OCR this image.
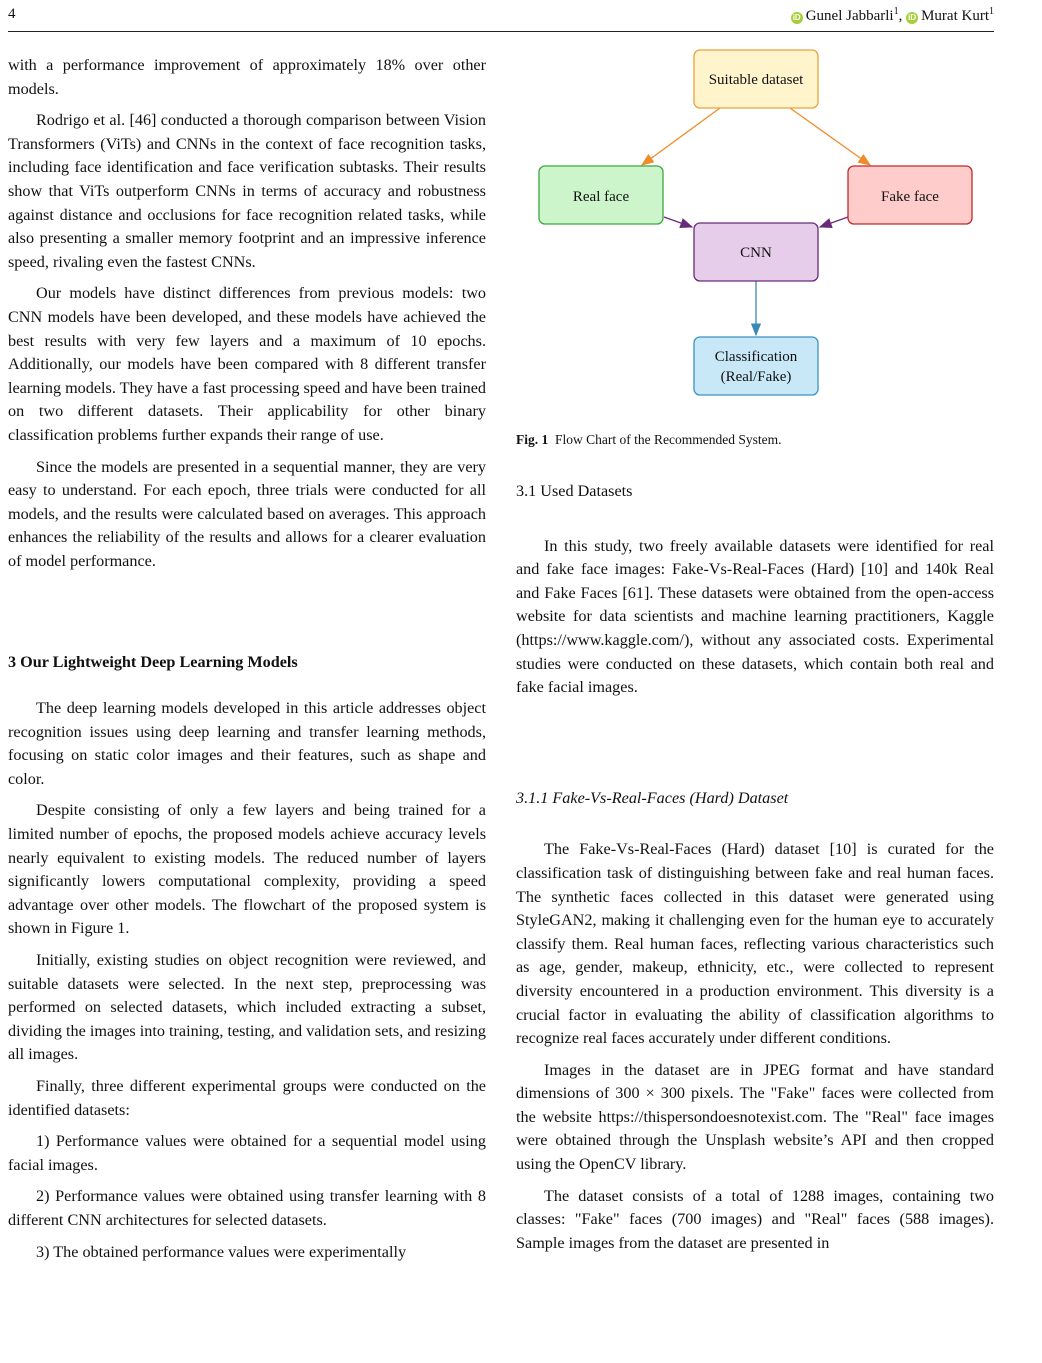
4	iD Gunel Jabbarli$^1$, iD Murat Kurt$^1$

with a performance improvement of approximately 18% over other models.

Rodrigo et al. [46] conducted a thorough comparison between Vision Transformers (ViTs) and CNNs in the context of face recognition tasks, including face identification and face verification subtasks. Their results show that ViTs outperform CNNs in terms of accuracy and robustness against distance and occlusions for face recognition related tasks, while also presenting a smaller memory footprint and an impressive inference speed, rivaling even the fastest CNNs.

Our models have distinct differences from previous models: two CNN models have been developed, and these models have achieved the best results with very few layers and a maximum of 10 epochs. Additionally, our models have been compared with 8 different transfer learning models. They have a fast processing speed and have been trained on two different datasets. Their applicability for other binary classification problems further expands their range of use.

Since the models are presented in a sequential manner, they are very easy to understand. For each epoch, three trials were conducted for all models, and the results were calculated based on averages. This approach enhances the reliability of the results and allows for a clearer evaluation of model performance.

3 Our Lightweight Deep Learning Models

The deep learning models developed in this article addresses object recognition issues using deep learning and transfer learning methods, focusing on static color images and their features, such as shape and color.

Despite consisting of only a few layers and being trained for a limited number of epochs, the proposed models achieve accuracy levels nearly equivalent to existing models. The reduced number of layers significantly lowers computational complexity, providing a speed advantage over other models. The flowchart of the proposed system is shown in Figure 1.

Initially, existing studies on object recognition were reviewed, and suitable datasets were selected. In the next step, preprocessing was performed on selected datasets, which included extracting a subset, dividing the images into training, testing, and validation sets, and resizing all images.

Finally, three different experimental groups were conducted on the identified datasets:

1) Performance values were obtained for a sequential model using facial images.

2) Performance values were obtained using transfer learning with 8 different CNN architectures for selected datasets.

3) The obtained performance values were experimentally

Suitable dataset
Real face	Fake face
CNN
Classification
(Real/Fake)
Fig. 1 Flow Chart of the Recommended System.
3.1 Used Datasets

In this study, two freely available datasets were identified for real and fake face images: Fake-Vs-Real-Faces (Hard) [10] and 140k Real and Fake Faces [61]. These datasets were obtained from the open-access website for data scientists and machine learning practitioners, Kaggle (https://www.kaggle.com/), without any associated costs. Experimental studies were conducted on these datasets, which contain both real and fake facial images.

3.1.1 Fake-Vs-Real-Faces (Hard) Dataset

The Fake-Vs-Real-Faces (Hard) dataset [10] is curated for the classification task of distinguishing between fake and real human faces. The synthetic faces collected in this dataset were generated using StyleGAN2, making it challenging even for the human eye to accurately classify them. Real human faces, reflecting various characteristics such as age, gender, makeup, ethnicity, etc., were collected to represent diversity encountered in a production environment. This diversity is a crucial factor in evaluating the ability of classification algorithms to recognize real faces accurately under different conditions.

Images in the dataset are in JPEG format and have standard dimensions of 300 × 300 pixels. The "Fake" faces were collected from the website https://thispersondoesnotexist.com. The "Real" face images were obtained through the Unsplash website’s API and then cropped using the OpenCV library.

The dataset consists of a total of 1288 images, containing two classes: "Fake" faces (700 images) and "Real" faces (588 images). Sample images from the dataset are presented in
